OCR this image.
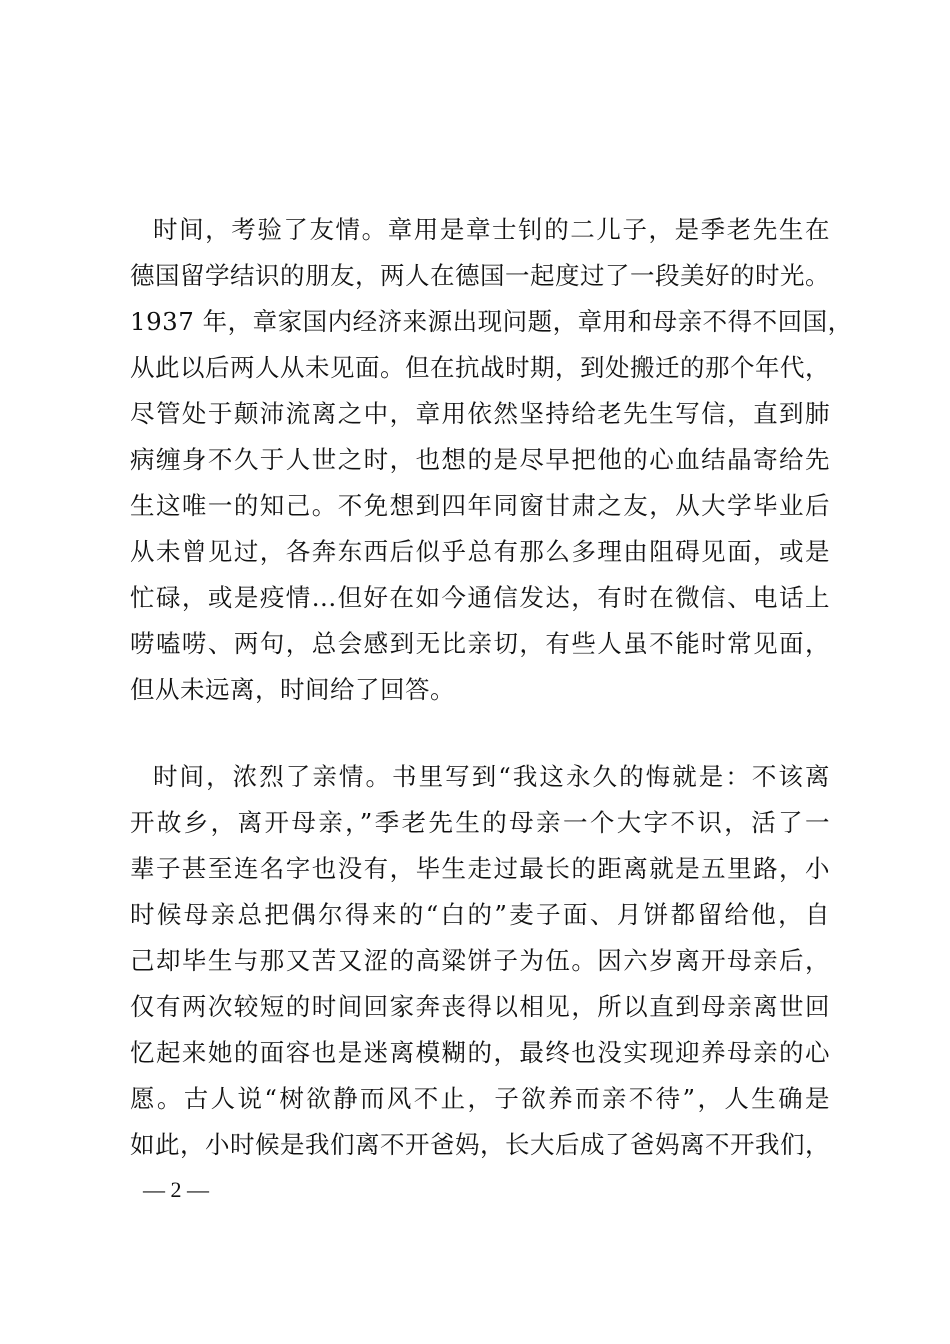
时间，考验了友情。章用是章士钊的二儿子，是季老先生在
德国留学结识的朋友，两人在德国一起度过了一段美好的时光。
1937 年，章家国内经济来源出现问题，章用和母亲不得不回国，
从此以后两人从未见面。但在抗战时期，到处搬迁的那个年代，
尽管处于颠沛流离之中，章用依然坚持给老先生写信，直到肺
病缠身不久于人世之时，也想的是尽早把他的心血结晶寄给先
生这唯一的知己。不免想到四年同窗甘肃之友，从大学毕业后
从未曾见过，各奔东西后似乎总有那么多理由阻碍见面，或是
忙碌，或是疫情...但好在如今通信发达，有时在微信、电话上
唠嗑唠、两句，总会感到无比亲切，有些人虽不能时常见面，
但从未远离，时间给了回答。
时间，浓烈了亲情。书里写到“我这永久的悔就是：不该离
开故乡，离开母亲，”季老先生的母亲一个大字不识，活了一
辈子甚至连名字也没有，毕生走过最长的距离就是五里路，小
时候母亲总把偶尔得来的“白的”麦子面、月饼都留给他，自
己却毕生与那又苦又涩的高粱饼子为伍。因六岁离开母亲后，
仅有两次较短的时间回家奔丧得以相见，所以直到母亲离世回
忆起来她的面容也是迷离模糊的，最终也没实现迎养母亲的心
愿。古人说“树欲静而风不止，子欲养而亲不待”，人生确是
如此，小时候是我们离不开爸妈，长大后成了爸妈离不开我们，
— 2 —
